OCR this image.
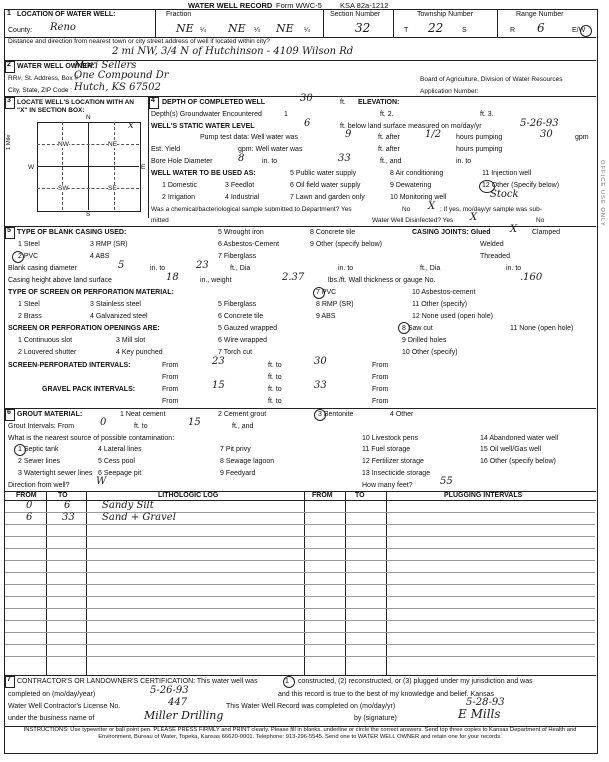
WATER WELL RECORD Form WWC-5 KSA 82a-1212
1 LOCATION OF WATER WELL:
County: Reno
Fraction
NE ¼ NE ¼ NE ¼
Section Number
32
Township Number
T 22	S
Range Number
R 6	E/W
Distance and direction from nearest town or city street address of well if located within city?
2 mi NW, 3/4 N of Hutchinson - 4109 Wilson Rd
2 WATER WELL OWNER:
Mori Sellers
RR#, St. Address, Box # :
One Compound Dr
City, State, ZIP Code : Hutch, KS 67502
Board of Agriculture, Division of Water Resources
Application Number:
3 LOCATE WELL'S LOCATION WITH AN "X" IN SECTION BOX:
N
S
W	E
1 Mile	NW	NE
SW	SE
x
4 DEPTH OF COMPLETED WELL	30	ft. ELEVATION:
Depth(s) Groundwater Encountered	1	ft. 2.	ft. 3.
WELL'S STATIC WATER LEVEL	6	ft. below land surface measured on mo/day/yr	5-26-93
Pump test data: Well water was	9	ft. after	1/2 hours pumping	30	gpm
Est. Yield	gpm: Well water was	ft. after	hours pumping
Bore Hole Diameter	8	in. to	33	ft., and	in. to
WELL WATER TO BE USED AS:
1 Domestic	3 Feedlot
5 Public water supply	8 Air conditioning	11 Injection well
2 Irrigation	4 Industrial
6 Oil field water supply	9 Dewatering	12 Other (Specify below)
7 Lawn and garden only	10 Monitoring well	Stock
Was a chemical/bacteriological sample submitted to Department? Yes	No X ; If yes, mo/day/yr sample was sub-
mitted	Water Well Disinfected? Yes X	No
5 TYPE OF BLANK CASING USED:
1 Steel	3 RMP (SR)
5 Wrought iron	8 Concrete tile
2 PVC	4 ABS
6 Asbestos-Cement	9 Other (specify below)
7 Fiberglass
CASING JOINTS: Glued X Clamped
Welded
Threaded
Blank casing diameter	5	in. to	23	ft., Dia	in. to	ft., Dia	in. to
Casing height above land surface	18	in., weight	2.37	lbs./ft. Wall thickness or gauge No.	.160
TYPE OF SCREEN OR PERFORATION MATERIAL:
1 Steel	3 Stainless steel	5 Fiberglass
7 PVC	10 Asbestos-cement
2 Brass	4 Galvanized steel	6 Concrete tile
8 RMP (SR)	11 Other (specify)
9 ABS	12 None used (open hole)
SCREEN OR PERFORATION OPENINGS ARE:	5 Gauzed wrapped	8 Saw cut	11 None (open hole)
1 Continuous slot	3 Mill slot	6 Wire wrapped	9 Drilled holes
2 Louvered shutter	4 Key punched	7 Torch cut	10 Other (specify)
SCREEN-PERFORATED INTERVALS:	From	23	ft. to	30	From
From	ft. to	From
GRAVEL PACK INTERVALS:	From	15	ft. to	33	From
From	ft. to	From
6 GROUT MATERIAL:	1 Neat cement	2 Cement grout	3 Bentonite	4 Other
Grout Intervals: From	0	ft. to	15	ft., and
What is the nearest source of possible contamination:
1 Septic tank	4 Lateral lines	7 Pit privy
10 Livestock pens	14 Abandoned water well
2 Sewer lines	5 Cess pool	8 Sewage lagoon
11 Fuel storage	15 Oil well/Gas well
3 Watertight sewer lines 6 Seepage pit	9 Feedyard
12 Fertilizer storage	16 Other (specify below)
13 Insecticide storage
Direction from well?	W	How many feet?	55
FROM	TO	LITHOLOGIC LOG	FROM	TO	PLUGGING INTERVALS
0	6	Sandy Silt
6	33	Sand + Gravel
7 CONTRACTOR'S OR LANDOWNER'S CERTIFICATION: This water well was	1 constructed, (2) reconstructed, or (3) plugged under my jurisdiction and was
completed on (mo/day/year)	5-26-93	and this record is true to the best of my knowledge and belief. Kansas
Water Well Contractor's License No.	447	This Water Well Record was completed on (mo/day/yr)	5-28-93
under the business name of	Miller Drilling	by (signature)	E Mills
INSTRUCTIONS: Use typewriter or ball point pen. PLEASE PRESS FIRMLY and PRINT clearly. Please fill in blanks, underline or circle the correct answers. Send top three copies to Kansas Department of Health and Environment, Bureau of Water, Topeka, Kansas 66620-0001. Telephone: 913-296-5545. Send one to WATER WELL OWNER and retain one for your records.
OFFICE USE ONLY
